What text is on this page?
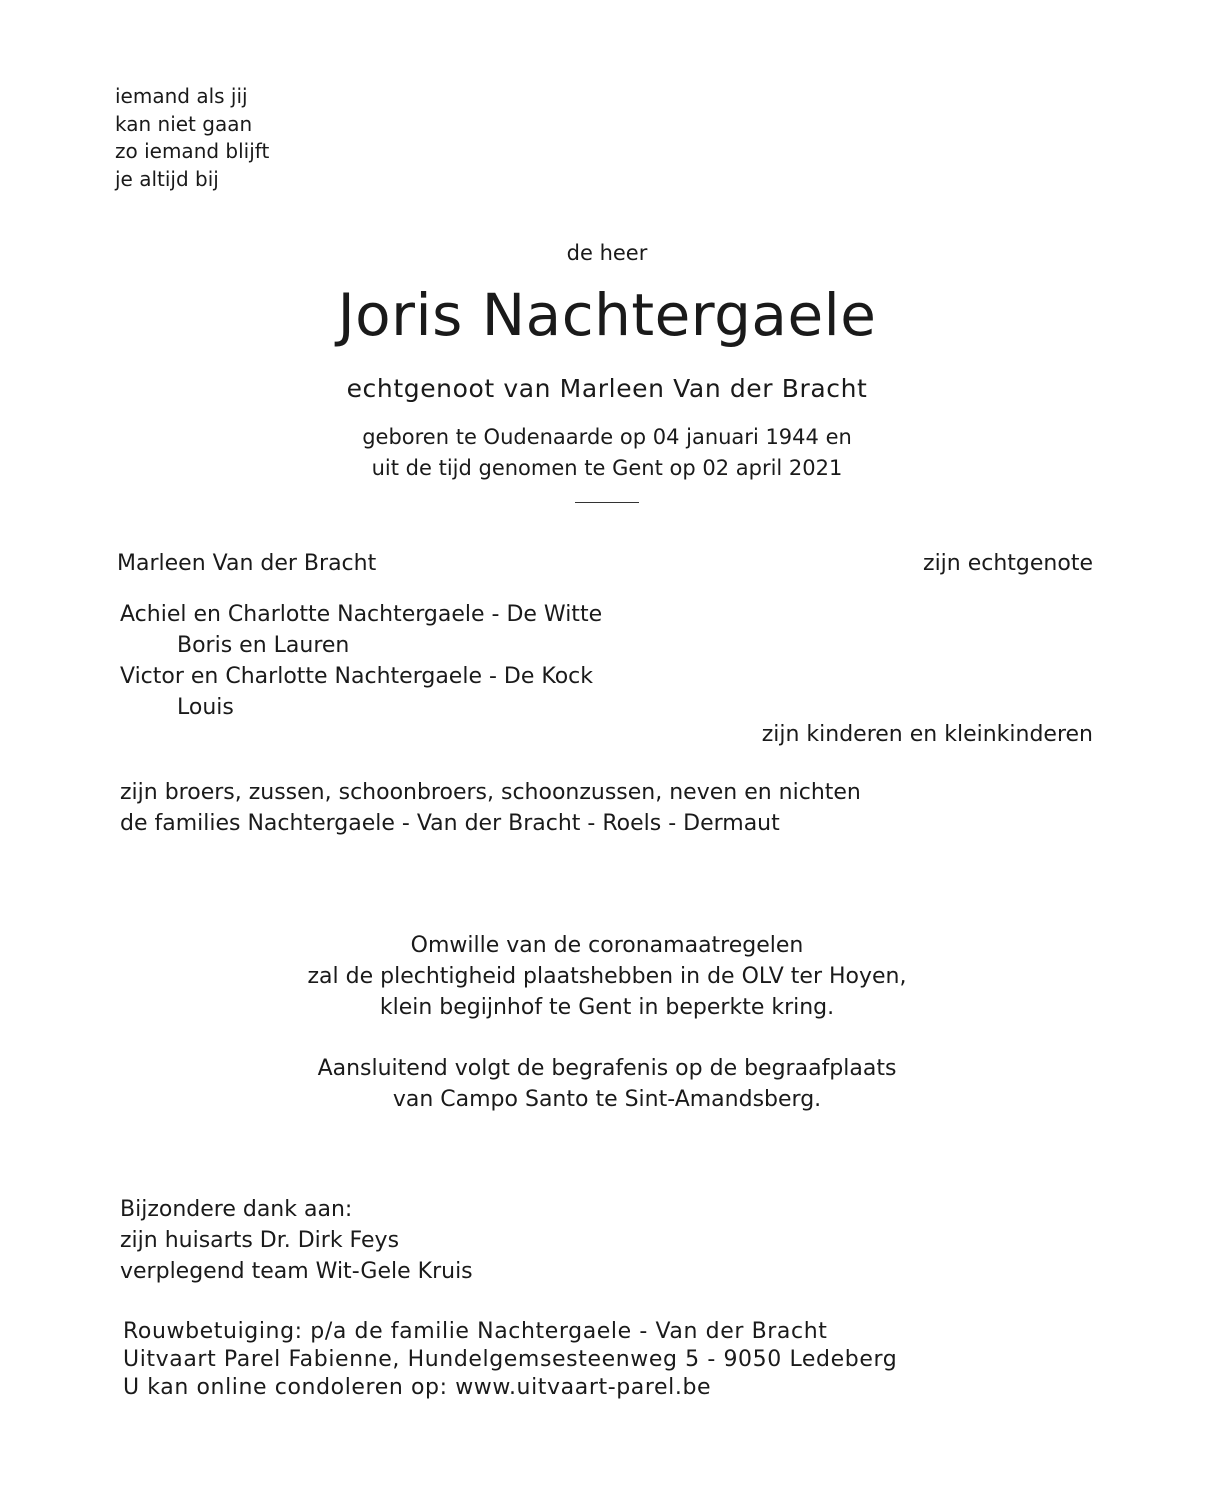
iemand als jij
kan niet gaan
zo iemand blijft
je altijd bij
de heer
Joris Nachtergaele
echtgenoot van Marleen Van der Bracht
geboren te Oudenaarde op 04 januari 1944 en
uit de tijd genomen te Gent op 02 april 2021
Marleen Van der Bracht	zijn echtgenote
Achiel en Charlotte Nachtergaele - De Witte
Boris en Lauren
Victor en Charlotte Nachtergaele - De Kock
Louis
zijn kinderen en kleinkinderen
zijn broers, zussen, schoonbroers, schoonzussen, neven en nichten
de families Nachtergaele - Van der Bracht - Roels - Dermaut
Omwille van de coronamaatregelen
zal de plechtigheid plaatshebben in de OLV ter Hoyen,
klein begijnhof te Gent in beperkte kring.
Aansluitend volgt de begrafenis op de begraafplaats
van Campo Santo te Sint-Amandsberg.
Bijzondere dank aan:
zijn huisarts Dr. Dirk Feys
verplegend team Wit-Gele Kruis
Rouwbetuiging: p/a de familie Nachtergaele - Van der Bracht
Uitvaart Parel Fabienne, Hundelgemsesteenweg 5 - 9050 Ledeberg
U kan online condoleren op: www.uitvaart-parel.be
